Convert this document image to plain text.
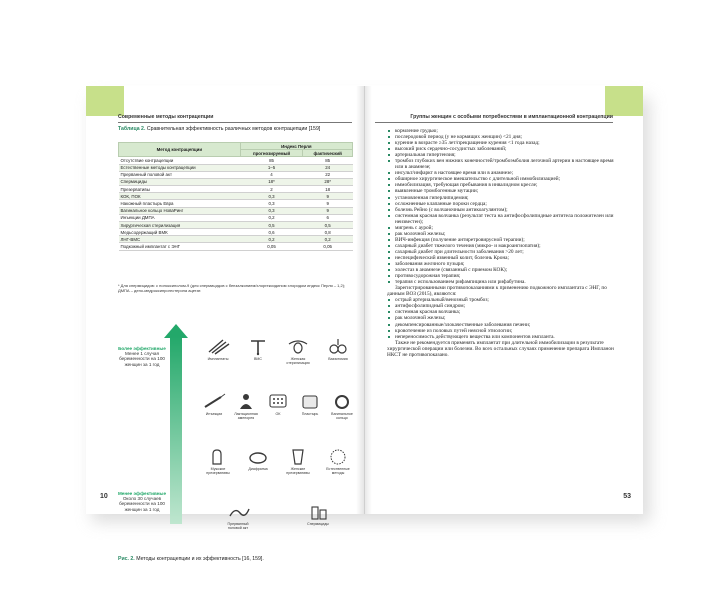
Современные методы контрацепции
Таблица 2. Сравнительная эффективность различных методов контрацепции [159]
Метод контрацепции	Индекс Перля	
	прогнозируемый	фактический
Отсутствие контрацепции	85	85
Естественные методы контрацепции	1–5	24
Прерванный половой акт	4	22
Спермициды	18*	28*
Презервативы	2	18
КОК, ПОК	0,3	9
Накожный пластырь Евра	0,3	9
Вагинальное кольцо НоваРинг	0,3	9
Инъекции ДМПА	0,2	6
Хирургическая стерилизация	0,5	0,5
Медьсодержащий ВМК	0,6	0,8
ЛНГ-ВМС	0,2	0,2
Подкожный имплантат с ЭНГ	0,05	0,05
* Для спермицидов: с ноноксинолом-9 (для спермицидов с бензалконием/хлоргексидином хлоридом индекс Перля – 1,2); ДМПА – депо-медроксипрогестерона ацетат.
Более эффективные
Менее 1 случая беременности на 100 женщин за 1 год
Менее эффективные
Около 30 случаев беременности на 100 женщин за 1 год
Имплантаты	ВМС	Женская стерилизация
Вазэктомия
Инъекции	Лактационная аменорея
ОК	Пластырь	Вагинальное кольцо
Мужские презервативы
Диафрагма	Женские презервативы
Естественные методы
Прерванный половой акт
Спермициды
Рис. 2. Методы контрацепции и их эффективность [16, 159].
10
Группы женщин с особыми потребностями в имплантационной контрацепции
кормление грудью;
послеродовой период (у не кормящих женщин) <21 дня;
курение в возрасте ≥35 лет/прекращение курения <1 года назад;
высокий риск сердечно-сосудистых заболеваний;
артериальная гипертензия;
тромбоз глубоких вен нижних конечностей/тромбоэмболия легочной артерии в настоящее время или в анамнезе;
инсульт/инфаркт в настоящее время или в анамнезе;
обширное хирургическое вмешательство с длительной иммобилизацией;
иммобилизация, требующая пребывания в инвалидном кресле;
выявленные тромбогенные мутации;
установленная гиперлипидемия;
осложненные клапанные пороки сердца;
болезнь Рейно (с волчаночным антикоагулянтом);
системная красная волчанка (результат теста на антифосфолипидные антитела положителен или неизвестен);
мигрень с аурой;
рак молочной железы;
ВИЧ-инфекция (получение антиретровирусной терапии);
сахарный диабет тяжелого течения (микро- и макроангиопатия);
сахарный диабет при длительности заболевания >20 лет;
неспецифический язвенный колит, болезнь Крона;
заболевания желчного пузыря;
холестаз в анамнезе (связанный с приемом КОК);
противосудорожная терапия;
терапия с использованием рифампицина или рифабутина.
Зарегистрированными противопоказаниями к применению подкожного имплантата с ЭНГ, по данным ВОЗ (2015), являются:
острый артериальный/венозный тромбоз;
антифосфолипидный синдром;
системная красная волчанка;
рак молочной железы;
декомпенсированные/злокачественные заболевания печени;
кровотечение из половых путей неясной этиологии;
непереносимость действующего вещества или компонентов импланта.
Также не рекомендуется применять имплантат при длительной иммобилизации в результате хирургической операции или болезни. Во всех остальных случаях применение препарата Импланон НКСТ не противопоказано.
53
